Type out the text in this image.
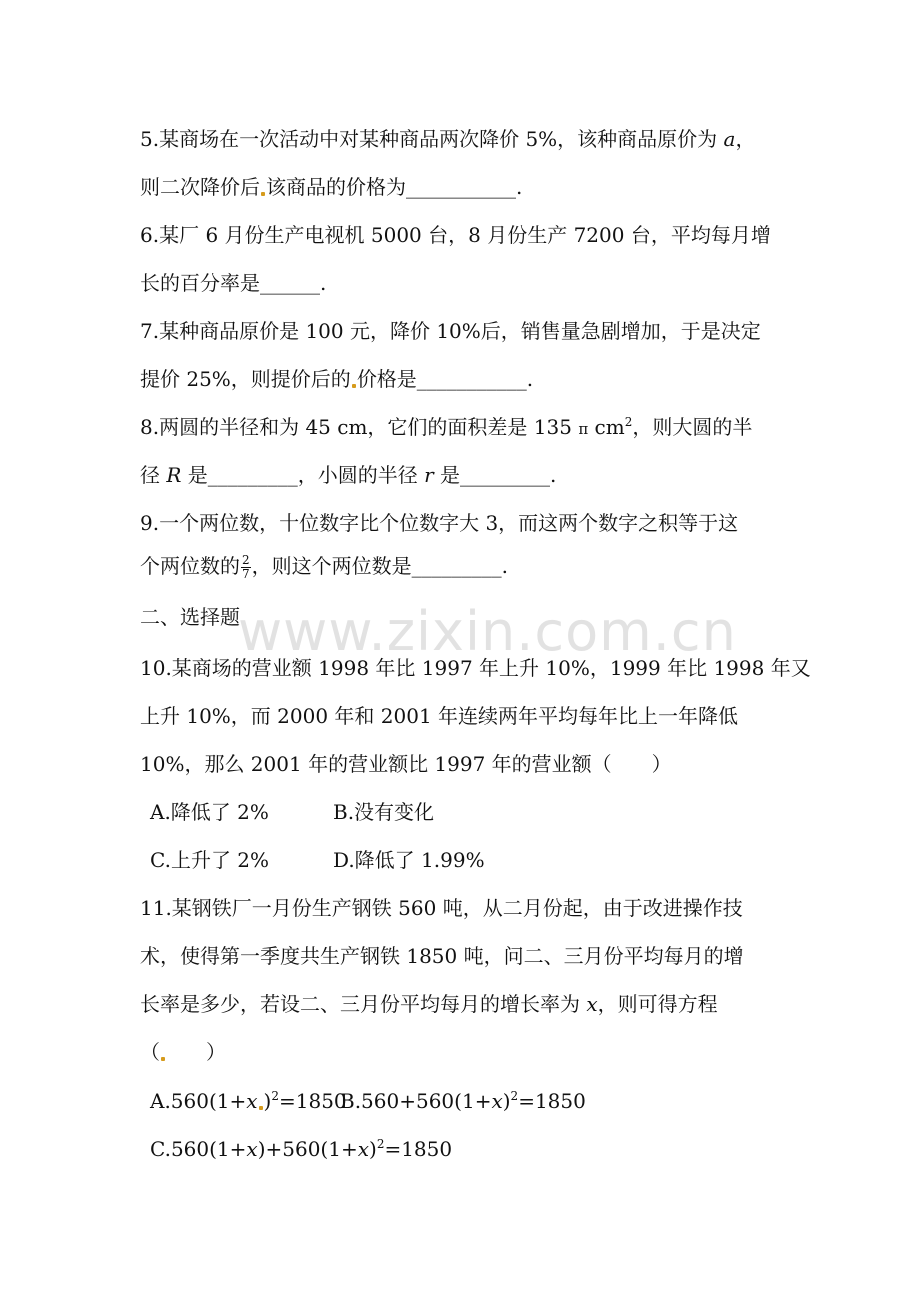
www.zixin.com.cn
5.某商场在一次活动中对某种商品两次降价 5%，该种商品原价为 a，
则二次降价后 该商品的价格为___________.
6.某厂 6 月份生产电视机 5000 台，8 月份生产 7200 台，平均每月增
长的百分率是______.
7.某种商品原价是 100 元，降价 10%后，销售量急剧增加，于是决定
提价 25%，则提价后的 价格是___________.
8.两圆的半径和为 45 cm，它们的面积差是 135 π $cm^2$，则大圆的半
径 R 是_________，小圆的半径 r 是_________.
9.一个两位数，十位数字比个位数字大 3，而这两个数字之积等于这
个两位数的 $\frac{2}{7}$ ，则这个两位数是_________.
二、选择题
10.某商场的营业额 1998 年比 1997 年上升 10%，1999 年比 1998 年又
上升 10%，而 2000 年和 2001 年连续两年平均每年比上一年降低
10%，那么 2001 年的营业额比 1997 年的营业额（　　）
A.降低了 2%	B.没有变化
C.上升了 2%	D.降低了 1.99%
11.某钢铁厂一月份生产钢铁 560 吨，从二月份起，由于改进操作技
术，使得第一季度共生产钢铁 1850 吨，问二、三月份平均每月的增
长率是多少，若设二、三月份平均每月的增长率为 x，则可得方程
（　　）
A.560(1+x )$^2$=1850
$B.560+560(1+x)^2=1850$
$C.560(1+x)+560(1+x)^2=1850$
